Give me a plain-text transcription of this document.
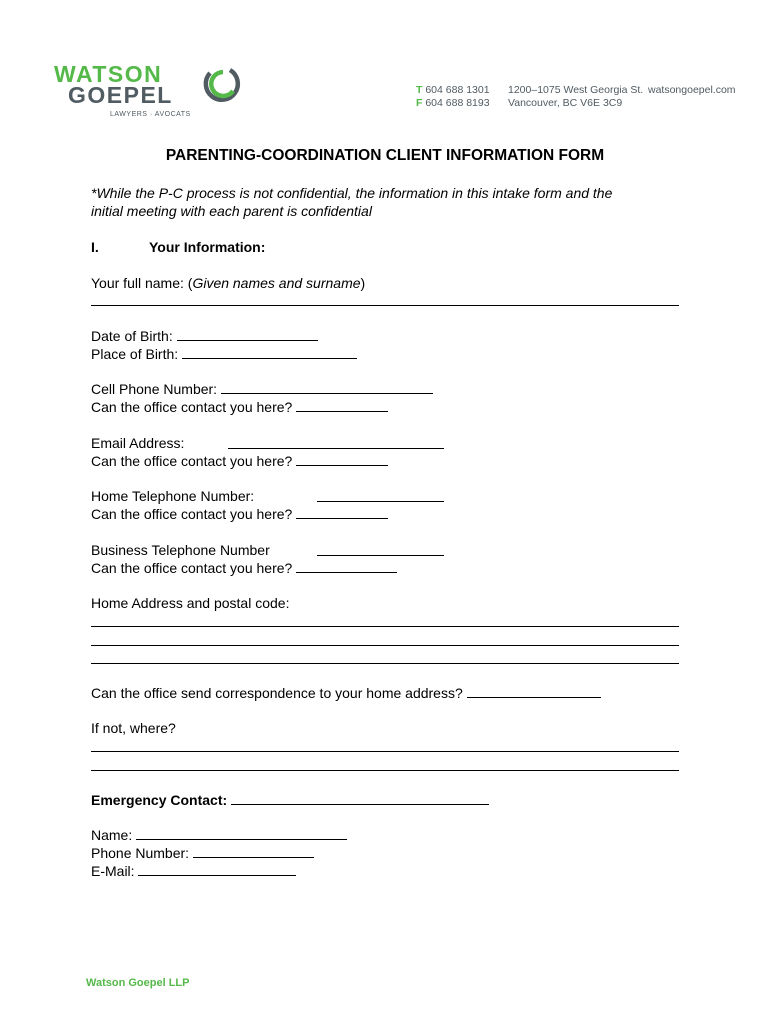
WATSON
GOEPEL
LAWYERS · AVOCATS
T 604 688 1301
F 604 688 8193
1200–1075 West Georgia St.
Vancouver, BC V6E 3C9
watsongoepel.com
PARENTING-COORDINATION CLIENT INFORMATION FORM
*While the P-C process is not confidential, the information in this intake form and the
initial meeting with each parent is confidential
I.	Your Information:
Your full name: (Given names and surname)
Date of Birth:
Place of Birth:
Cell Phone Number:
Can the office contact you here?
Email Address:
Can the office contact you here?
Home Telephone Number:
Can the office contact you here?
Business Telephone Number
Can the office contact you here?
Home Address and postal code:
Can the office send correspondence to your home address?
If not, where?
Emergency Contact:
Name:
Phone Number:
E-Mail:
Watson Goepel LLP
